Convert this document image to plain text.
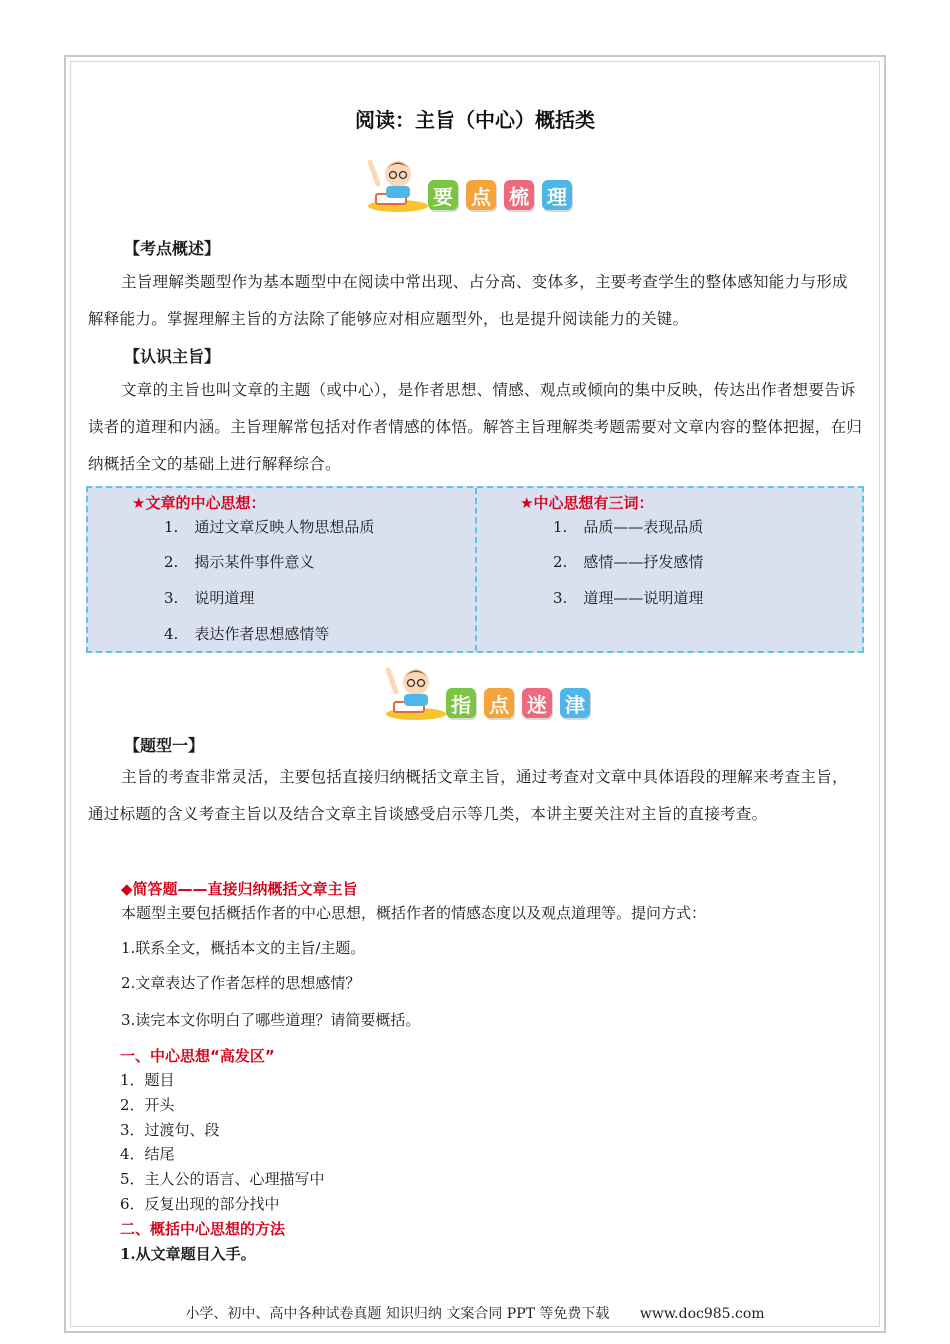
阅读：主旨（中心）概括类
要 点 梳 理
【考点概述】
主旨理解类题型作为基本题型中在阅读中常出现、占分高、变体多，主要考查学生的整体感知能力与形成解释能力。掌握理解主旨的方法除了能够应对相应题型外，也是提升阅读能力的关键。
【认识主旨】
文章的主旨也叫文章的主题（或中心），是作者思想、情感、观点或倾向的集中反映，传达出作者想要告诉读者的道理和内涵。主旨理解常包括对作者情感的体悟。解答主旨理解类考题需要对文章内容的整体把握，在归纳概括全文的基础上进行解释综合。
★文章的中心思想：
1. 通过文章反映人物思想品质
2. 揭示某件事件意义
3. 说明道理
4. 表达作者思想感情等
★中心思想有三词：
1. 品质——表现品质
2. 感情——抒发感情
3. 道理——说明道理
指 点 迷 津
【题型一】
主旨的考查非常灵活，主要包括直接归纳概括文章主旨，通过考查对文章中具体语段的理解来考查主旨，通过标题的含义考查主旨以及结合文章主旨谈感受启示等几类，本讲主要关注对主旨的直接考查。
◆简答题——直接归纳概括文章主旨
本题型主要包括概括作者的中心思想，概括作者的情感态度以及观点道理等。提问方式：
1.联系全文，概括本文的主旨/主题。
2.文章表达了作者怎样的思想感情？
3.读完本文你明白了哪些道理？请简要概括。
一、中心思想“高发区”
1．题目
2．开头
3．过渡句、段
4．结尾
5．主人公的语言、心理描写中
6．反复出现的部分找中
二、概括中心思想的方法
1.从文章题目入手。
小学、初中、高中各种试卷真题 知识归纳 文案合同 PPT 等免费下载 www.doc985.com
